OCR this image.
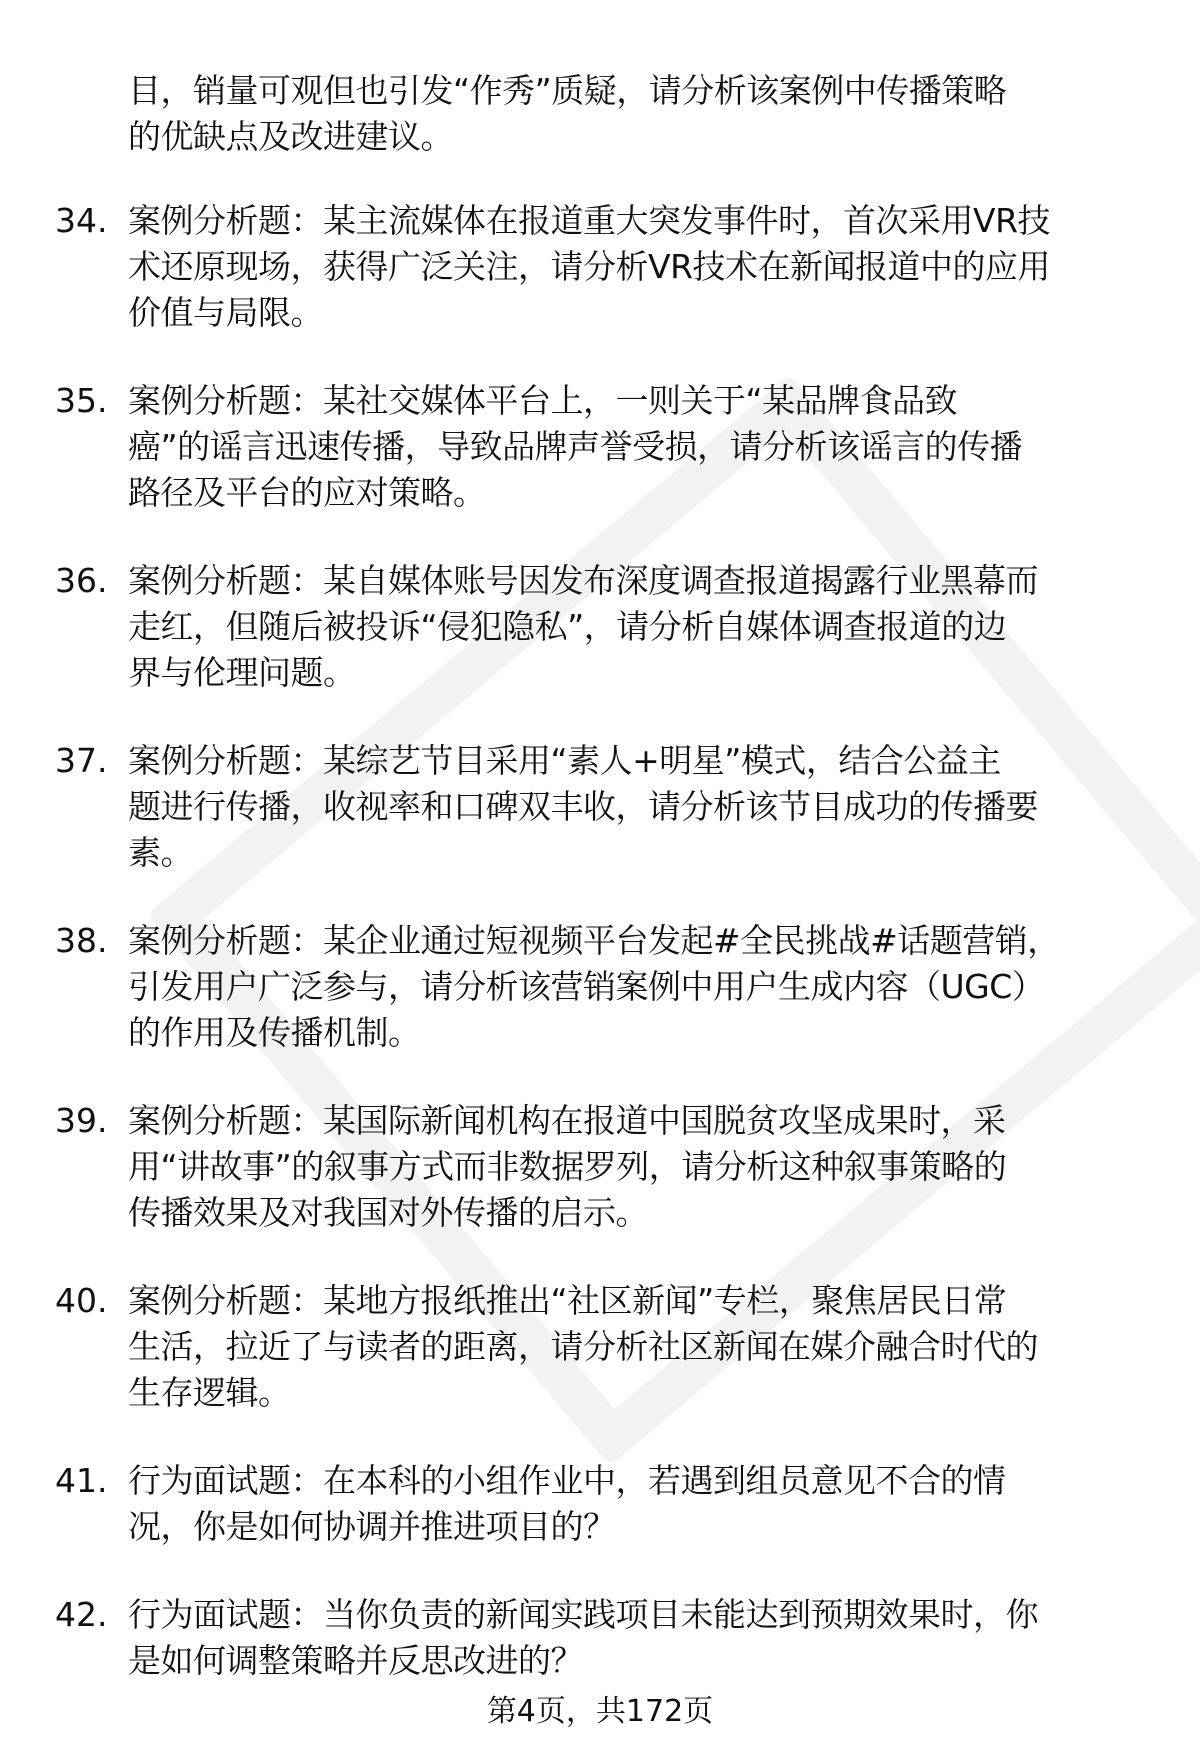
目，销量可观但也引发“作秀”质疑，请分析该案例中传播策略
的优缺点及改进建议。
34. 案例分析题：某主流媒体在报道重大突发事件时，首次采用VR技
术还原现场，获得广泛关注，请分析VR技术在新闻报道中的应用
价值与局限。
35. 案例分析题：某社交媒体平台上，一则关于“某品牌食品致
癌”的谣言迅速传播，导致品牌声誉受损，请分析该谣言的传播
路径及平台的应对策略。
36. 案例分析题：某自媒体账号因发布深度调查报道揭露行业黑幕而
走红，但随后被投诉“侵犯隐私”，请分析自媒体调查报道的边
界与伦理问题。
37. 案例分析题：某综艺节目采用“素人+明星”模式，结合公益主
题进行传播，收视率和口碑双丰收，请分析该节目成功的传播要
素。
38. 案例分析题：某企业通过短视频平台发起#全民挑战#话题营销，
引发用户广泛参与，请分析该营销案例中用户生成内容（UGC）
的作用及传播机制。
39. 案例分析题：某国际新闻机构在报道中国脱贫攻坚成果时，采
用“讲故事”的叙事方式而非数据罗列，请分析这种叙事策略的
传播效果及对我国对外传播的启示。
40. 案例分析题：某地方报纸推出“社区新闻”专栏，聚焦居民日常
生活，拉近了与读者的距离，请分析社区新闻在媒介融合时代的
生存逻辑。
41. 行为面试题：在本科的小组作业中，若遇到组员意见不合的情
况，你是如何协调并推进项目的？
42. 行为面试题：当你负责的新闻实践项目未能达到预期效果时，你
是如何调整策略并反思改进的？
第4页，共172页
